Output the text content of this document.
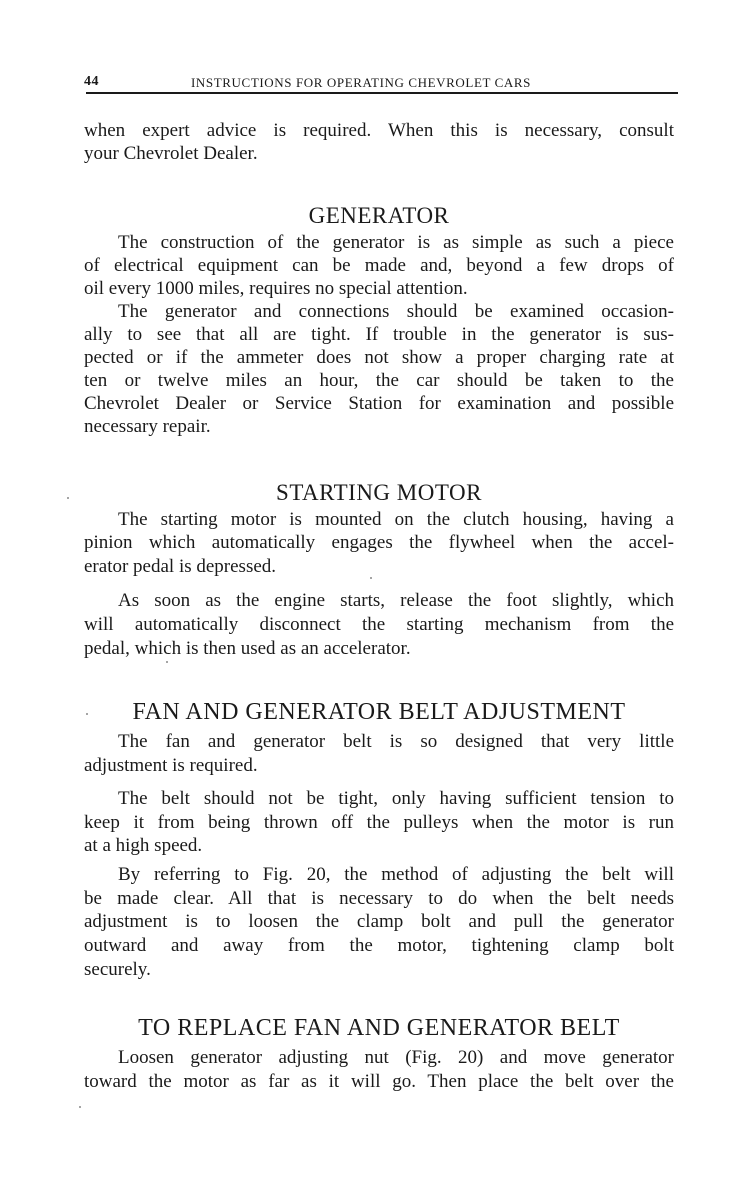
44	INSTRUCTIONS FOR OPERATING CHEVROLET CARS
when expert advice is required. When this is necessary, consult
your Chevrolet Dealer.
GENERATOR
The construction of the generator is as simple as such a piece
of electrical equipment can be made and, beyond a few drops of
oil every 1000 miles, requires no special attention.
The generator and connections should be examined occasion-
ally to see that all are tight. If trouble in the generator is sus-
pected or if the ammeter does not show a proper charging rate at
ten or twelve miles an hour, the car should be taken to the
Chevrolet Dealer or Service Station for examination and possible
necessary repair.
STARTING MOTOR
The starting motor is mounted on the clutch housing, having a
pinion which automatically engages the flywheel when the accel-
erator pedal is depressed.
As soon as the engine starts, release the foot slightly, which
will automatically disconnect the starting mechanism from the
pedal, which is then used as an accelerator.
FAN AND GENERATOR BELT ADJUSTMENT
The fan and generator belt is so designed that very little
adjustment is required.
The belt should not be tight, only having sufficient tension to
keep it from being thrown off the pulleys when the motor is run
at a high speed.
By referring to Fig. 20, the method of adjusting the belt will
be made clear. All that is necessary to do when the belt needs
adjustment is to loosen the clamp bolt and pull the generator
outward and away from the motor, tightening clamp bolt
securely.
TO REPLACE FAN AND GENERATOR BELT
Loosen generator adjusting nut (Fig. 20) and move generator
toward the motor as far as it will go. Then place the belt over the
